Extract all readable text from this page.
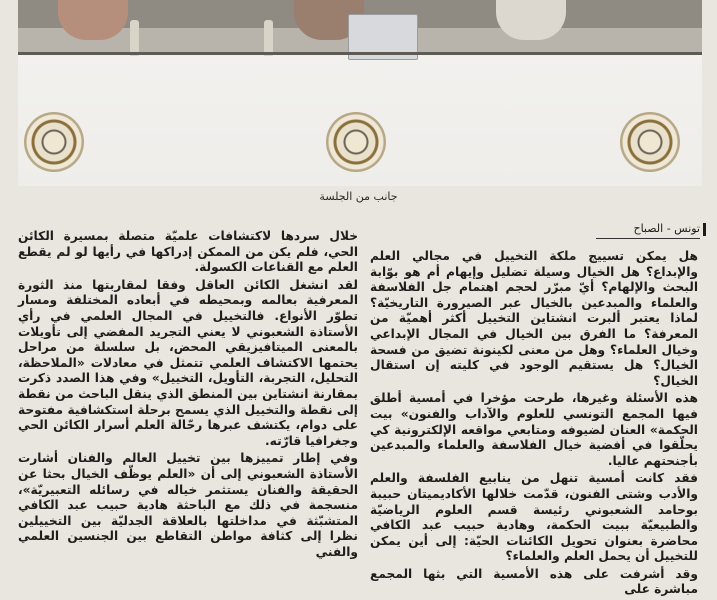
جانب من الجلسة
تونس - الصباح

هل يمكن تسييج ملكة التخييل في مجالي العلم والإبداع؟ هل الخيال وسيلة تضليل وإيهام أم هو بوّابة البحث والإلهام؟ أيّ مبرّر لحجم اهتمام جل الفلاسفة والعلماء والمبدعين بالخيال عبر الصيرورة التاريخيّة؟ لماذا يعتبر ألبرت انشتاين التخييل أكثر أهميّة من المعرفة؟ ما الفرق بين الخيال في المجال الإبداعي وخيال العلماء؟ وهل من معنى لكينونة تضيق من فسحة الخيال؟ هل يستقيم الوجود في كليته إن استقال الخيال؟

هذه الأسئلة وغيرها، طرحت مؤخرا في أمسية أطلق فيها المجمع التونسي للعلوم والآداب والفنون» بيت الحكمة» العنان لضيوفه ومتابعي مواقعه الإلكترونية كي يحلّقوا في أفضية خيال الفلاسفة والعلماء والمبدعين بأجنحتهم عاليا.

فقد كانت أمسية تنهل من ينابيع الفلسفة والعلم والأدب وشتى الفنون، قدّمت خلالها الأكاديميتان حبيبة بوحامد الشعبوني رئيسة قسم العلوم الرياضيّة والطبيعيّة ببيت الحكمة، وهادية حبيب عبد الكافي محاضرة بعنوان تحويل الكائنات الحيّة: إلى أين يمكن للتخييل أن يحمل العلم والعلماء؟

وقد أشرفت على هذه الأمسية التي بثها المجمع مباشرة على

خلال سردها لاكتشافات علميّة متصلة بمسيرة الكائن الحي، فلم يكن من الممكن إدراكها في رأيها لو لم يقطع العلم مع القناعات الكسولة.

لقد انشغل الكائن العاقل وفقا لمقاربتها منذ الثورة المعرفية بعالمه وبمحيطه في أبعاده المختلفة ومسار تطوّر الأنواع. فالتخييل في المجال العلمي في رأي الأستاذة الشعبوني لا يعني التجريد المفضي إلى تأويلات بالمعنى الميتافيزيقي المحض، بل سلسلة من مراحل يحتمها الاكتشاف العلمي تتمثل في معادلات «الملاحظة، التحليل، التجربة، التأويل، التخييل» وفي هذا الصدد ذكرت بمقارنة انشتاين بين المنطق الذي ينقل الباحث من نقطة إلى نقطة والتخييل الذي يسمح برحلة استكشافية مفتوحة على دوام، يكتشف عبرها رحّالة العلم أسرار الكائن الحي وجغرافيا قارّته.

وفي إطار تمييزها بين تخييل العالم والفنان أشارت الأستاذة الشعبوني إلى أن «العلم يوظّف الخيال بحثا عن الحقيقة والفنان يستثمر خياله في رسائله التعبيريّة»، منسجمة في ذلك مع الباحثة هادية حبيب عبد الكافي المتشبّثة في مداخلتها بالعلاقة الجدليّة بين التخييلين نظرا إلى كثافة مواطن التقاطع بين الجنسين العلمي والفني
